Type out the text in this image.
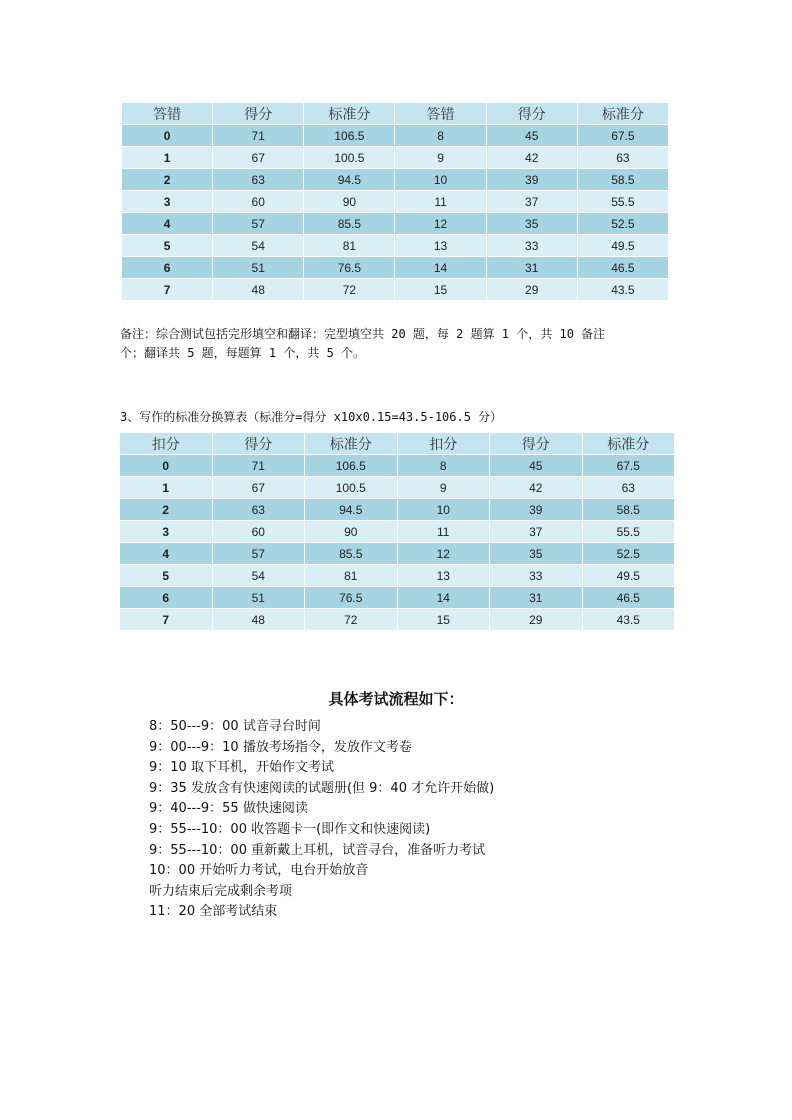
答错	得分	标准分	答错	得分	标准分
0	71	106.5	8	45	67.5
1	67	100.5	9	42	63
2	63	94.5	10	39	58.5
3	60	90	11	37	55.5
4	57	85.5	12	35	52.5
5	54	81	13	33	49.5
6	51	76.5	14	31	46.5
7	48	72	15	29	43.5
备注：综合测试包括完形填空和翻译：完型填空共 20 题，每 2 题算 1 个，共 10 备注
个；翻译共 5 题，每题算 1 个，共 5 个。
3、写作的标准分换算表（标准分=得分 x10x0.15=43.5-106.5 分）
扣分	得分	标准分	扣分	得分	标准分
0	71	106.5	8	45	67.5
1	67	100.5	9	42	63
2	63	94.5	10	39	58.5
3	60	90	11	37	55.5
4	57	85.5	12	35	52.5
5	54	81	13	33	49.5
6	51	76.5	14	31	46.5
7	48	72	15	29	43.5
具体考试流程如下：
8：50---9：00 试音寻台时间
9：00---9：10 播放考场指令，发放作文考卷
9：10 取下耳机，开始作文考试
9：35 发放含有快速阅读的试题册(但 9：40 才允许开始做)
9：40---9：55 做快速阅读
9：55---10：00 收答题卡一(即作文和快速阅读)
9：55---10：00 重新戴上耳机，试音寻台，准备听力考试
10：00 开始听力考试，电台开始放音
听力结束后完成剩余考项
11：20 全部考试结束
